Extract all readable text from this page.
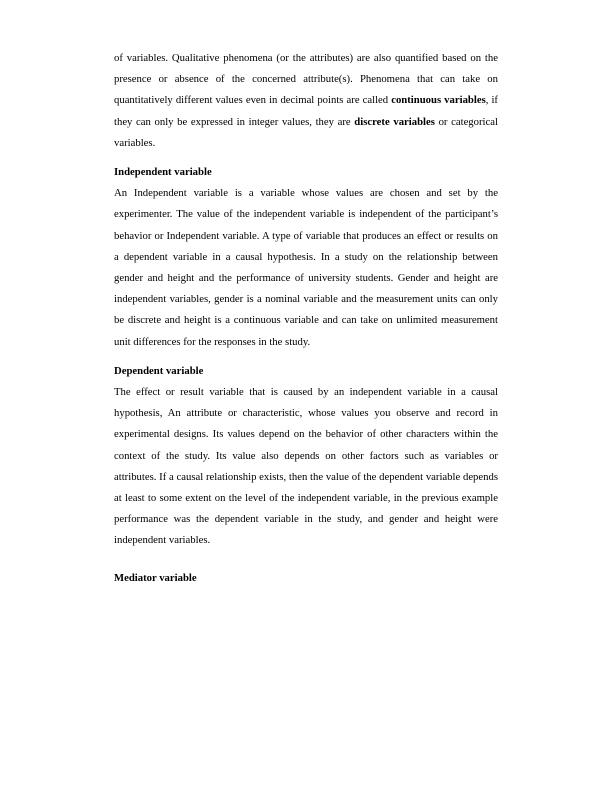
of variables. Qualitative phenomena (or the attributes) are also quantified based on the presence or absence of the concerned attribute(s). Phenomena that can take on quantitatively different values even in decimal points are called continuous variables, if they can only be expressed in integer values, they are discrete variables or categorical variables.

Independent variable

An Independent variable is a variable whose values are chosen and set by the experimenter. The value of the independent variable is independent of the participant’s behavior or Independent variable. A type of variable that produces an effect or results on a dependent variable in a causal hypothesis. In a study on the relationship between gender and height and the performance of university students. Gender and height are independent variables, gender is a nominal variable and the measurement units can only be discrete and height is a continuous variable and can take on unlimited measurement unit differences for the responses in the study.

Dependent variable

The effect or result variable that is caused by an independent variable in a causal hypothesis, An attribute or characteristic, whose values you observe and record in experimental designs. Its values depend on the behavior of other characters within the context of the study. Its value also depends on other factors such as variables or attributes. If a causal relationship exists, then the value of the dependent variable depends at least to some extent on the level of the independent variable, in the previous example performance was the dependent variable in the study, and gender and height were independent variables.

Mediator variable
